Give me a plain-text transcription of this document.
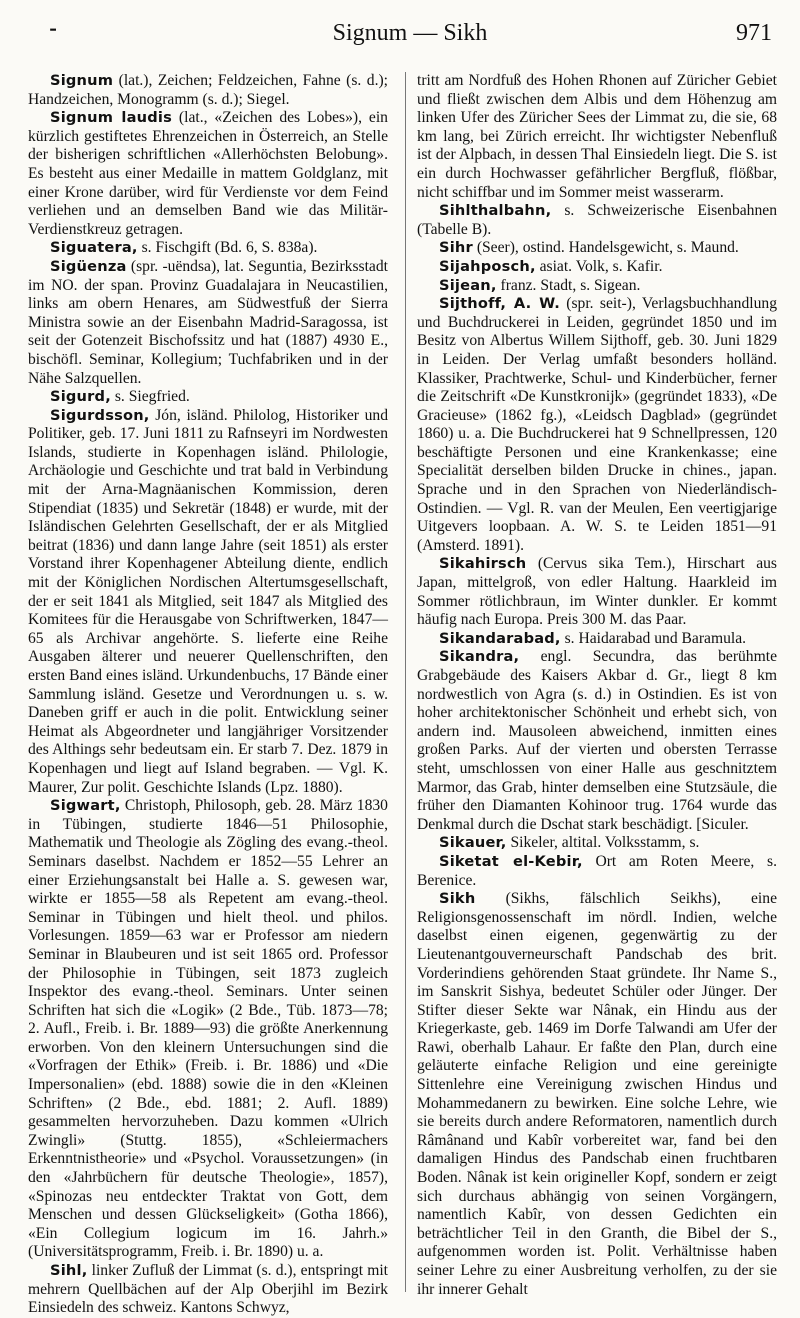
⁃	Signum — Sikh	971

Signum (lat.), Zeichen; Feldzeichen, Fahne (s. d.); Handzeichen, Monogramm (s. d.); Siegel.

Signum laudis (lat., «Zeichen des Lobes»), ein kürzlich gestiftetes Ehrenzeichen in Österreich, an Stelle der bisherigen schriftlichen «Allerhöchsten Belobung». Es besteht aus einer Medaille in mattem Goldglanz, mit einer Krone darüber, wird für Verdienste vor dem Feind verliehen und an demselben Band wie das Militär-Verdienstkreuz getragen.

Siguatera, s. Fischgift (Bd. 6, S. 838a).

Sigüenza (spr. -uëndsa), lat. Seguntia, Bezirksstadt im NO. der span. Provinz Guadalajara in Neucastilien, links am obern Henares, am Südwestfuß der Sierra Ministra sowie an der Eisenbahn Madrid-Saragossa, ist seit der Gotenzeit Bischofssitz und hat (1887) 4930 E., bischöfl. Seminar, Kollegium; Tuchfabriken und in der Nähe Salzquellen.

Sigurd, s. Siegfried.

Sigurdsson, Jón, isländ. Philolog, Historiker und Politiker, geb. 17. Juni 1811 zu Rafnseyri im Nordwesten Islands, studierte in Kopenhagen isländ. Philologie, Archäologie und Geschichte und trat bald in Verbindung mit der Arna-Magnäanischen Kommission, deren Stipendiat (1835) und Sekretär (1848) er wurde, mit der Isländischen Gelehrten Gesellschaft, der er als Mitglied beitrat (1836) und dann lange Jahre (seit 1851) als erster Vorstand ihrer Kopenhagener Abteilung diente, endlich mit der Königlichen Nordischen Altertumsgesellschaft, der er seit 1841 als Mitglied, seit 1847 als Mitglied des Komitees für die Herausgabe von Schriftwerken, 1847—65 als Archivar angehörte. S. lieferte eine Reihe Ausgaben älterer und neuerer Quellenschriften, den ersten Band eines isländ. Urkundenbuchs, 17 Bände einer Sammlung isländ. Gesetze und Verordnungen u. s. w. Daneben griff er auch in die polit. Entwicklung seiner Heimat als Abgeordneter und langjähriger Vorsitzender des Althings sehr bedeutsam ein. Er starb 7. Dez. 1879 in Kopenhagen und liegt auf Island begraben. — Vgl. K. Maurer, Zur polit. Geschichte Islands (Lpz. 1880).

Sigwart, Christoph, Philosoph, geb. 28. März 1830 in Tübingen, studierte 1846—51 Philosophie, Mathematik und Theologie als Zögling des evang.-theol. Seminars daselbst. Nachdem er 1852—55 Lehrer an einer Erziehungsanstalt bei Halle a. S. gewesen war, wirkte er 1855—58 als Repetent am evang.-theol. Seminar in Tübingen und hielt theol. und philos. Vorlesungen. 1859—63 war er Professor am niedern Seminar in Blaubeuren und ist seit 1865 ord. Professor der Philosophie in Tübingen, seit 1873 zugleich Inspektor des evang.-theol. Seminars. Unter seinen Schriften hat sich die «Logik» (2 Bde., Tüb. 1873—78; 2. Aufl., Freib. i. Br. 1889—93) die größte Anerkennung erworben. Von den kleinern Untersuchungen sind die «Vorfragen der Ethik» (Freib. i. Br. 1886) und «Die Impersonalien» (ebd. 1888) sowie die in den «Kleinen Schriften» (2 Bde., ebd. 1881; 2. Aufl. 1889) gesammelten hervorzuheben. Dazu kommen «Ulrich Zwingli» (Stuttg. 1855), «Schleiermachers Erkenntnistheorie» und «Psychol. Voraussetzungen» (in den «Jahrbüchern für deutsche Theologie», 1857), «Spinozas neu entdeckter Traktat von Gott, dem Menschen und dessen Glückseligkeit» (Gotha 1866), «Ein Collegium logicum im 16. Jahrh.» (Universitätsprogramm, Freib. i. Br. 1890) u. a.

Sihl, linker Zufluß der Limmat (s. d.), entspringt mit mehrern Quellbächen auf der Alp Oberjihl im Bezirk Einsiedeln des schweiz. Kantons Schwyz,

tritt am Nordfuß des Hohen Rhonen auf Züricher Gebiet und fließt zwischen dem Albis und dem Höhenzug am linken Ufer des Züricher Sees der Limmat zu, die sie, 68 km lang, bei Zürich erreicht. Ihr wichtigster Nebenfluß ist der Alpbach, in dessen Thal Einsiedeln liegt. Die S. ist ein durch Hochwasser gefährlicher Bergfluß, flößbar, nicht schiffbar und im Sommer meist wasserarm.

Sihlthalbahn, s. Schweizerische Eisenbahnen (Tabelle B).

Sihr (Seer), ostind. Handelsgewicht, s. Maund.

Sijahposch, asiat. Volk, s. Kafir.

Sijean, franz. Stadt, s. Sigean.

Sijthoff, A. W. (spr. seit-), Verlagsbuchhandlung und Buchdruckerei in Leiden, gegründet 1850 und im Besitz von Albertus Willem Sijthoff, geb. 30. Juni 1829 in Leiden. Der Verlag umfaßt besonders holländ. Klassiker, Prachtwerke, Schul- und Kinderbücher, ferner die Zeitschrift «De Kunstkronijk» (gegründet 1833), «De Gracieuse» (1862 fg.), «Leidsch Dagblad» (gegründet 1860) u. a. Die Buchdruckerei hat 9 Schnellpressen, 120 beschäftigte Personen und eine Krankenkasse; eine Specialität derselben bilden Drucke in chines., japan. Sprache und in den Sprachen von Niederländisch-Ostindien. — Vgl. R. van der Meulen, Een veertigjarige Uitgevers loopbaan. A. W. S. te Leiden 1851—91 (Amsterd. 1891).

Sikahirsch (Cervus sika Tem.), Hirschart aus Japan, mittelgroß, von edler Haltung. Haarkleid im Sommer rötlichbraun, im Winter dunkler. Er kommt häufig nach Europa. Preis 300 M. das Paar.

Sikandarabad, s. Haidarabad und Baramula.

Sikandra, engl. Secundra, das berühmte Grabgebäude des Kaisers Akbar d. Gr., liegt 8 km nordwestlich von Agra (s. d.) in Ostindien. Es ist von hoher architektonischer Schönheit und erhebt sich, von andern ind. Mausoleen abweichend, inmitten eines großen Parks. Auf der vierten und obersten Terrasse steht, umschlossen von einer Halle aus geschnitztem Marmor, das Grab, hinter demselben eine Stutzsäule, die früher den Diamanten Kohinoor trug. 1764 wurde das Denkmal durch die Dschat stark beschädigt. [Siculer.

Sikauer, Sikeler, altital. Volksstamm, s.

Siketat el-Kebir, Ort am Roten Meere, s. Berenice.

Sikh (Sikhs, fälschlich Seikhs), eine Religionsgenossenschaft im nördl. Indien, welche daselbst einen eigenen, gegenwärtig zu der Lieutenantgouverneurschaft Pandschab des brit. Vorderindiens gehörenden Staat gründete. Ihr Name S., im Sanskrit Sishya, bedeutet Schüler oder Jünger. Der Stifter dieser Sekte war Nânak, ein Hindu aus der Kriegerkaste, geb. 1469 im Dorfe Talwandi am Ufer der Rawi, oberhalb Lahaur. Er faßte den Plan, durch eine geläuterte einfache Religion und eine gereinigte Sittenlehre eine Vereinigung zwischen Hindus und Mohammedanern zu bewirken. Eine solche Lehre, wie sie bereits durch andere Reformatoren, namentlich durch Râmânand und Kabîr vorbereitet war, fand bei den damaligen Hindus des Pandschab einen fruchtbaren Boden. Nânak ist kein origineller Kopf, sondern er zeigt sich durchaus abhängig von seinen Vorgängern, namentlich Kabîr, von dessen Gedichten ein beträchtlicher Teil in den Granth, die Bibel der S., aufgenommen worden ist. Polit. Verhältnisse haben seiner Lehre zu einer Ausbreitung verholfen, zu der sie ihr innerer Gehalt
